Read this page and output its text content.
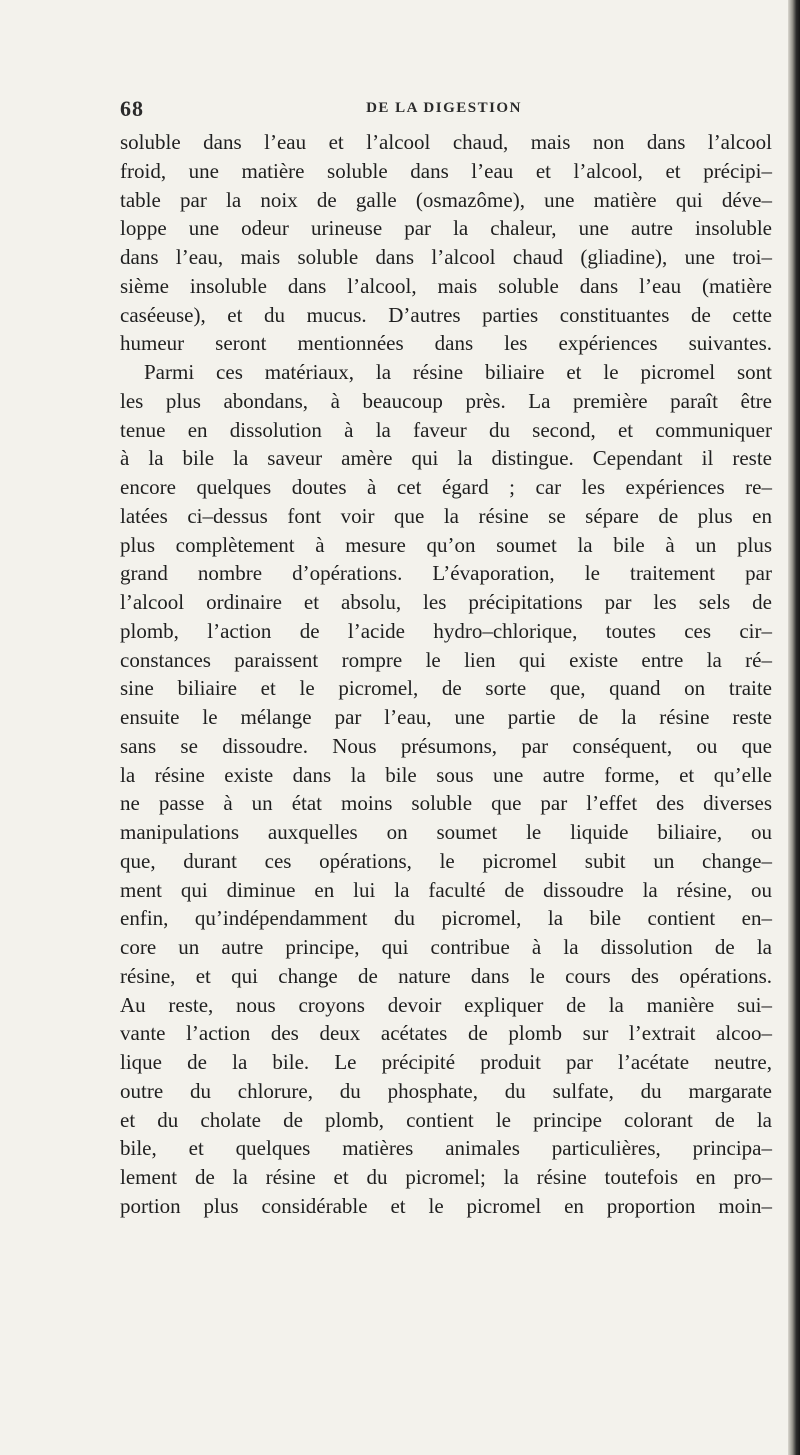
68	DE LA DIGESTION
soluble dans l’eau et l’alcool chaud, mais non dans l’alcool
froid, une matière soluble dans l’eau et l’alcool, et précipi–
table par la noix de galle (osmazôme), une matière qui déve–
loppe une odeur urineuse par la chaleur, une autre insoluble
dans l’eau, mais soluble dans l’alcool chaud (gliadine), une troi–
sième insoluble dans l’alcool, mais soluble dans l’eau (matière
caséeuse), et du mucus. D’autres parties constituantes de cette
humeur seront mentionnées dans les expériences suivantes.
Parmi ces matériaux, la résine biliaire et le picromel sont
les plus abondans, à beaucoup près. La première paraît être
tenue en dissolution à la faveur du second, et communiquer
à la bile la saveur amère qui la distingue. Cependant il reste
encore quelques doutes à cet égard ; car les expériences re–
latées ci–dessus font voir que la résine se sépare de plus en
plus complètement à mesure qu’on soumet la bile à un plus
grand nombre d’opérations. L’évaporation, le traitement par
l’alcool ordinaire et absolu, les précipitations par les sels de
plomb, l’action de l’acide hydro–chlorique, toutes ces cir–
constances paraissent rompre le lien qui existe entre la ré–
sine biliaire et le picromel, de sorte que, quand on traite
ensuite le mélange par l’eau, une partie de la résine reste
sans se dissoudre. Nous présumons, par conséquent, ou que
la résine existe dans la bile sous une autre forme, et qu’elle
ne passe à un état moins soluble que par l’effet des diverses
manipulations auxquelles on soumet le liquide biliaire, ou
que, durant ces opérations, le picromel subit un change–
ment qui diminue en lui la faculté de dissoudre la résine, ou
enfin, qu’indépendamment du picromel, la bile contient en–
core un autre principe, qui contribue à la dissolution de la
résine, et qui change de nature dans le cours des opérations.
Au reste, nous croyons devoir expliquer de la manière sui–
vante l’action des deux acétates de plomb sur l’extrait alcoo–
lique de la bile. Le précipité produit par l’acétate neutre,
outre du chlorure, du phosphate, du sulfate, du margarate
et du cholate de plomb, contient le principe colorant de la
bile, et quelques matières animales particulières, principa–
lement de la résine et du picromel; la résine toutefois en pro–
portion plus considérable et le picromel en proportion moin–
